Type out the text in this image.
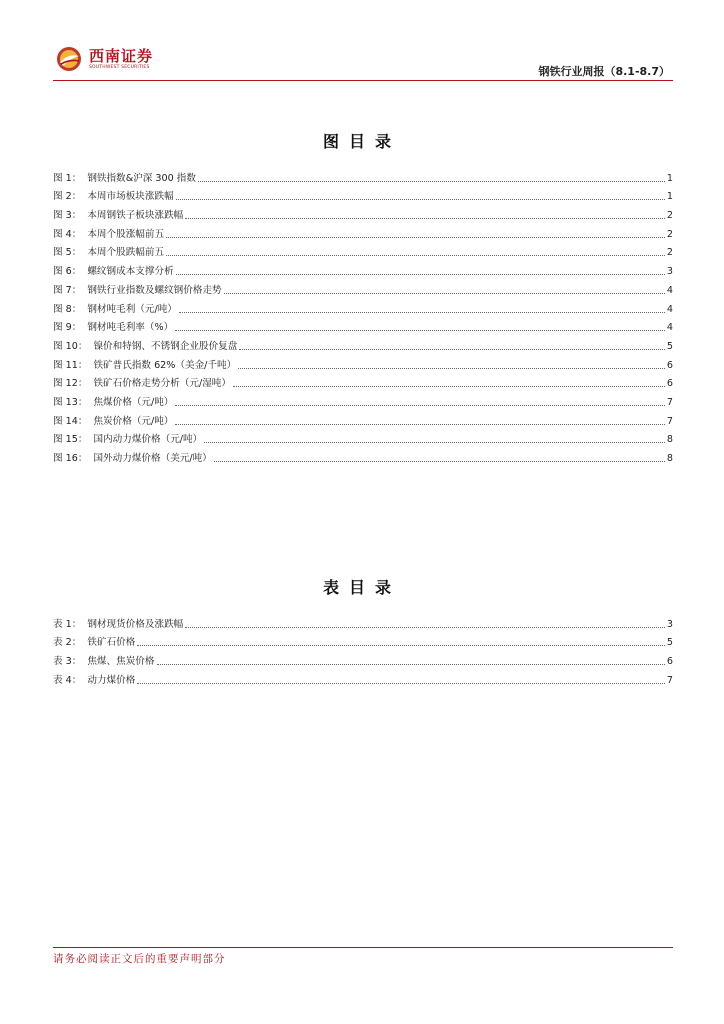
西南证券
SOUTHWEST SECURITIES	钢铁行业周报（8.1-8.7）
图目录
图 1： 钢铁指数&沪深 300 指数	1
图 2： 本周市场板块涨跌幅	1
图 3： 本周钢铁子板块涨跌幅	2
图 4： 本周个股涨幅前五	2
图 5： 本周个股跌幅前五	2
图 6： 螺纹钢成本支撑分析	3
图 7： 钢铁行业指数及螺纹钢价格走势	4
图 8： 钢材吨毛利（元/吨）	4
图 9： 钢材吨毛利率（%）	4
图 10： 镍价和特钢、不锈钢企业股价复盘	5
图 11： 铁矿普氏指数 62%（美金/千吨）	6
图 12： 铁矿石价格走势分析（元/湿吨）	6
图 13： 焦煤价格（元/吨）	7
图 14： 焦炭价格（元/吨）	7
图 15： 国内动力煤价格（元/吨）	8
图 16： 国外动力煤价格（美元/吨）	8
表目录
表 1： 钢材现货价格及涨跌幅	3
表 2： 铁矿石价格	5
表 3： 焦煤、焦炭价格	6
表 4： 动力煤价格	7
请务必阅读正文后的重要声明部分
